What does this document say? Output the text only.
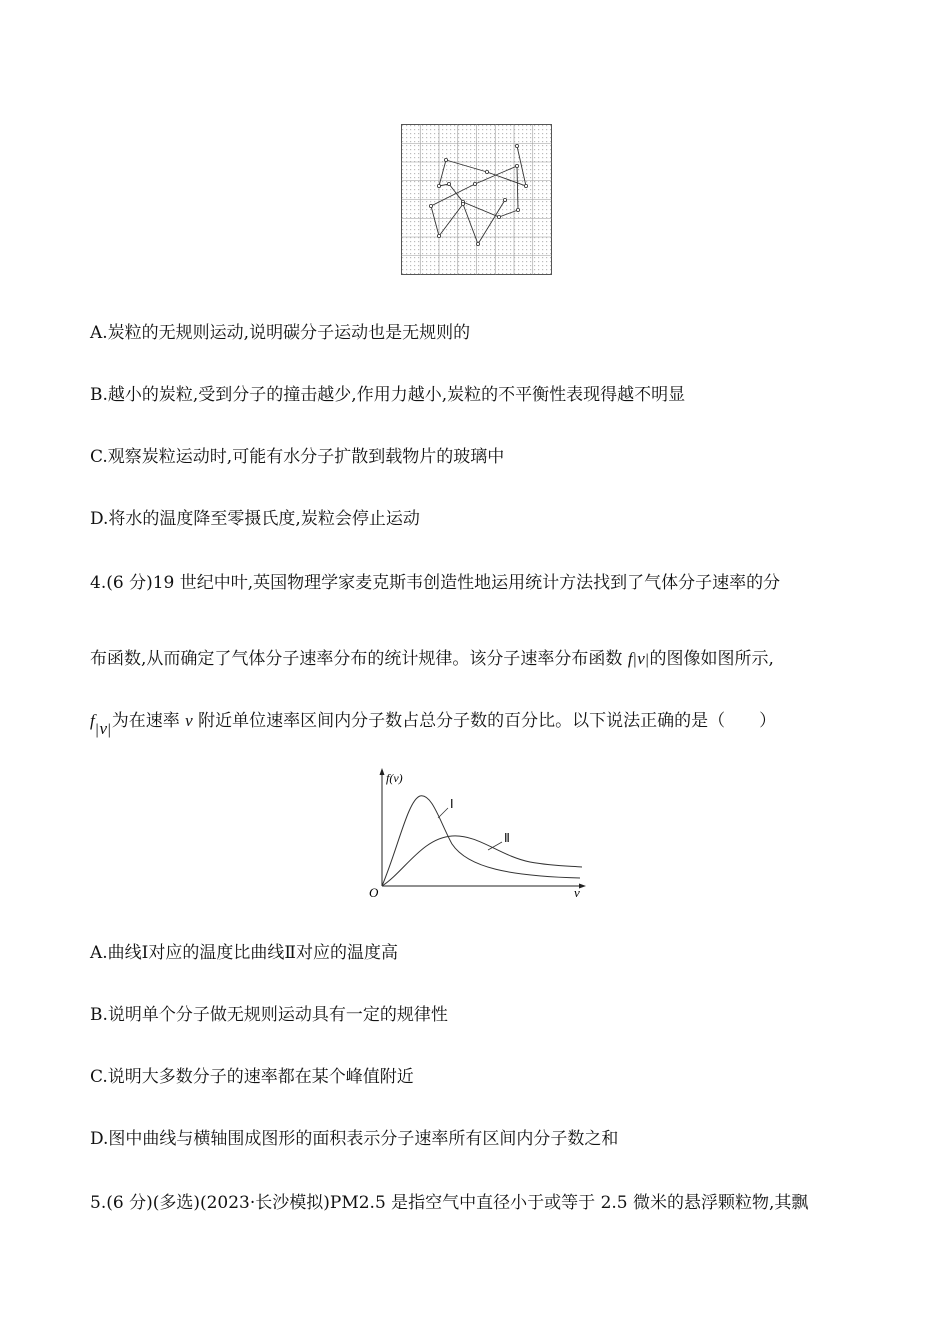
A.炭粒的无规则运动,说明碳分子运动也是无规则的
B.越小的炭粒,受到分子的撞击越少,作用力越小,炭粒的不平衡性表现得越不明显
C.观察炭粒运动时,可能有水分子扩散到载物片的玻璃中
D.将水的温度降至零摄氏度,炭粒会停止运动
4.(6 分)19 世纪中叶,英国物理学家麦克斯韦创造性地运用统计方法找到了气体分子速率的分
布函数,从而确定了气体分子速率分布的统计规律。该分子速率分布函数 f|v|的图像如图所示,
$f_|v_|$为在速率 v 附近单位速率区间内分子数占总分子数的百分比。以下说法正确的是（　　）
f(v)
v
O
Ⅰ
Ⅱ
A.曲线Ⅰ对应的温度比曲线Ⅱ对应的温度高
B.说明单个分子做无规则运动具有一定的规律性
C.说明大多数分子的速率都在某个峰值附近
D.图中曲线与横轴围成图形的面积表示分子速率所有区间内分子数之和
5.(6 分)(多选)(2023·长沙模拟)PM2.5 是指空气中直径小于或等于 2.5 微米的悬浮颗粒物,其飘
